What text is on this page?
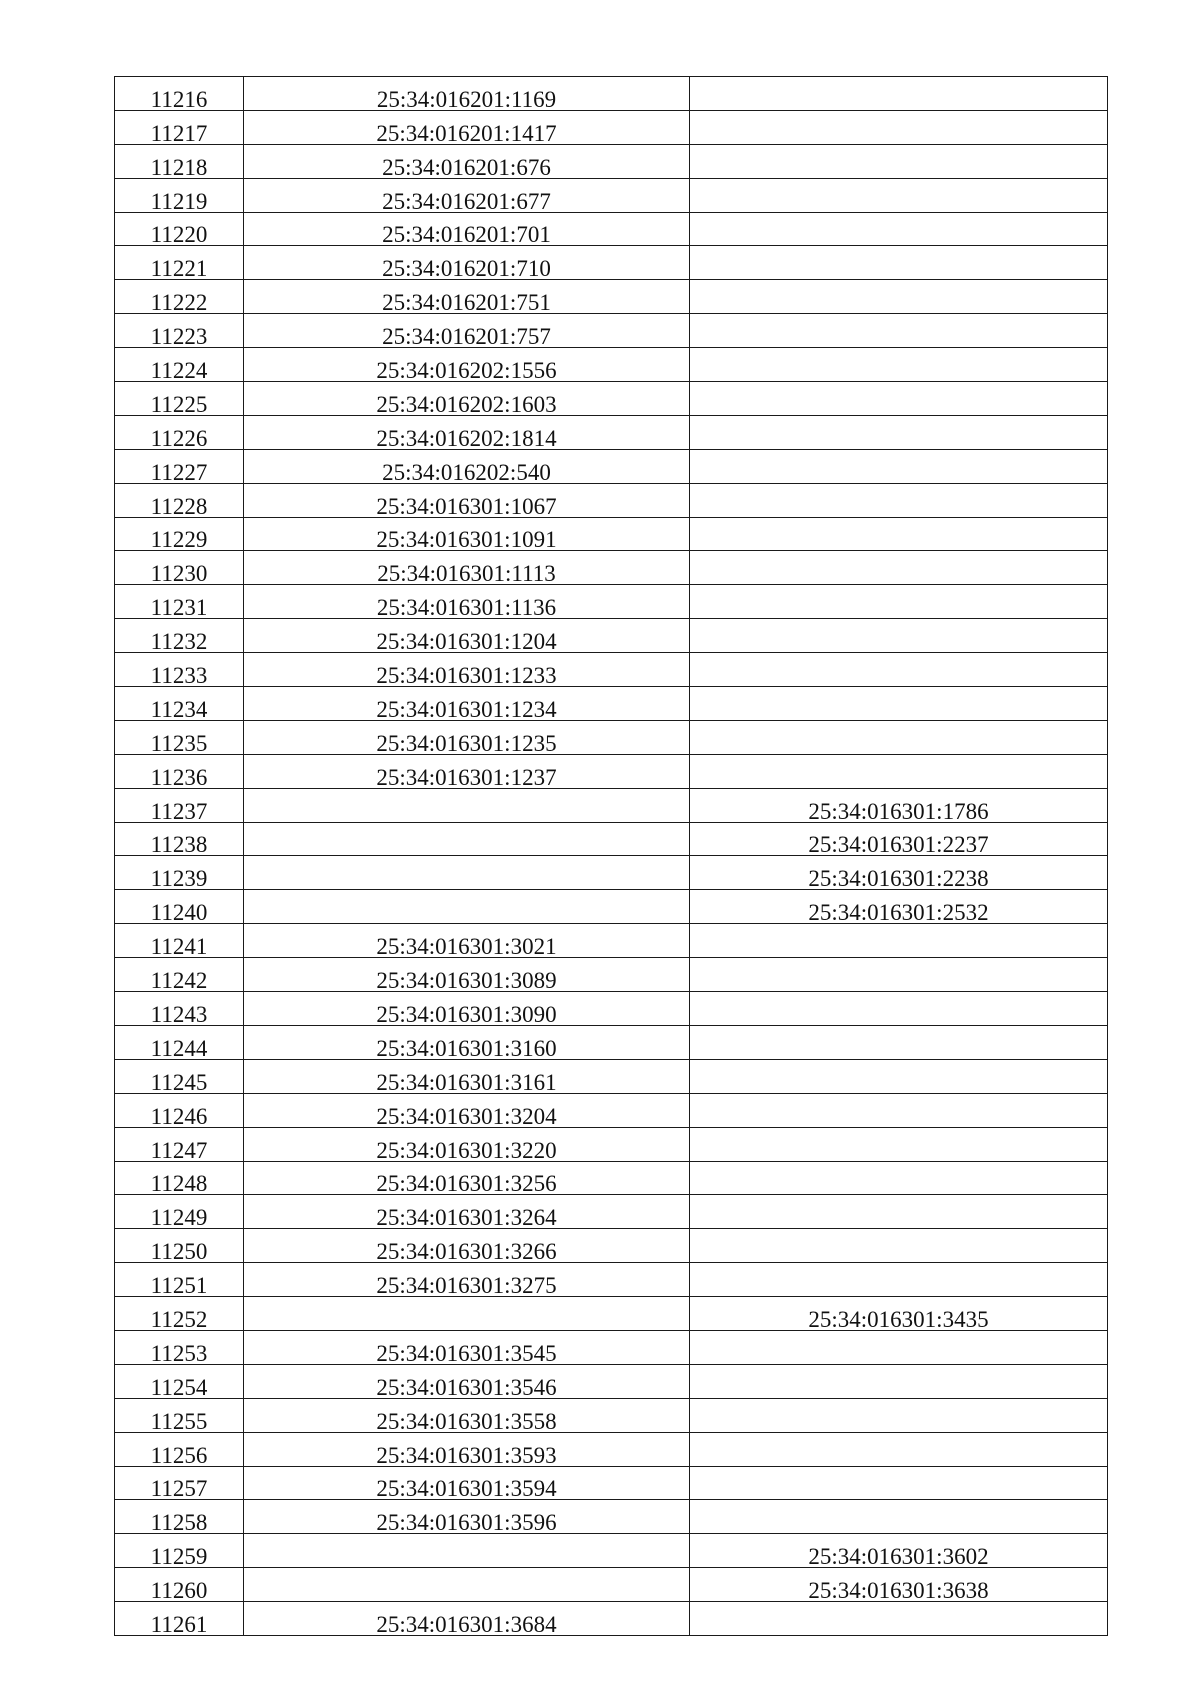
11216	25:34:016201:1169	
11217	25:34:016201:1417	
11218	25:34:016201:676	
11219	25:34:016201:677	
11220	25:34:016201:701	
11221	25:34:016201:710	
11222	25:34:016201:751	
11223	25:34:016201:757	
11224	25:34:016202:1556	
11225	25:34:016202:1603	
11226	25:34:016202:1814	
11227	25:34:016202:540	
11228	25:34:016301:1067	
11229	25:34:016301:1091	
11230	25:34:016301:1113	
11231	25:34:016301:1136	
11232	25:34:016301:1204	
11233	25:34:016301:1233	
11234	25:34:016301:1234	
11235	25:34:016301:1235	
11236	25:34:016301:1237	
11237		25:34:016301:1786
11238		25:34:016301:2237
11239		25:34:016301:2238
11240		25:34:016301:2532
11241	25:34:016301:3021	
11242	25:34:016301:3089	
11243	25:34:016301:3090	
11244	25:34:016301:3160	
11245	25:34:016301:3161	
11246	25:34:016301:3204	
11247	25:34:016301:3220	
11248	25:34:016301:3256	
11249	25:34:016301:3264	
11250	25:34:016301:3266	
11251	25:34:016301:3275	
11252		25:34:016301:3435
11253	25:34:016301:3545	
11254	25:34:016301:3546	
11255	25:34:016301:3558	
11256	25:34:016301:3593	
11257	25:34:016301:3594	
11258	25:34:016301:3596	
11259		25:34:016301:3602
11260		25:34:016301:3638
11261	25:34:016301:3684	
